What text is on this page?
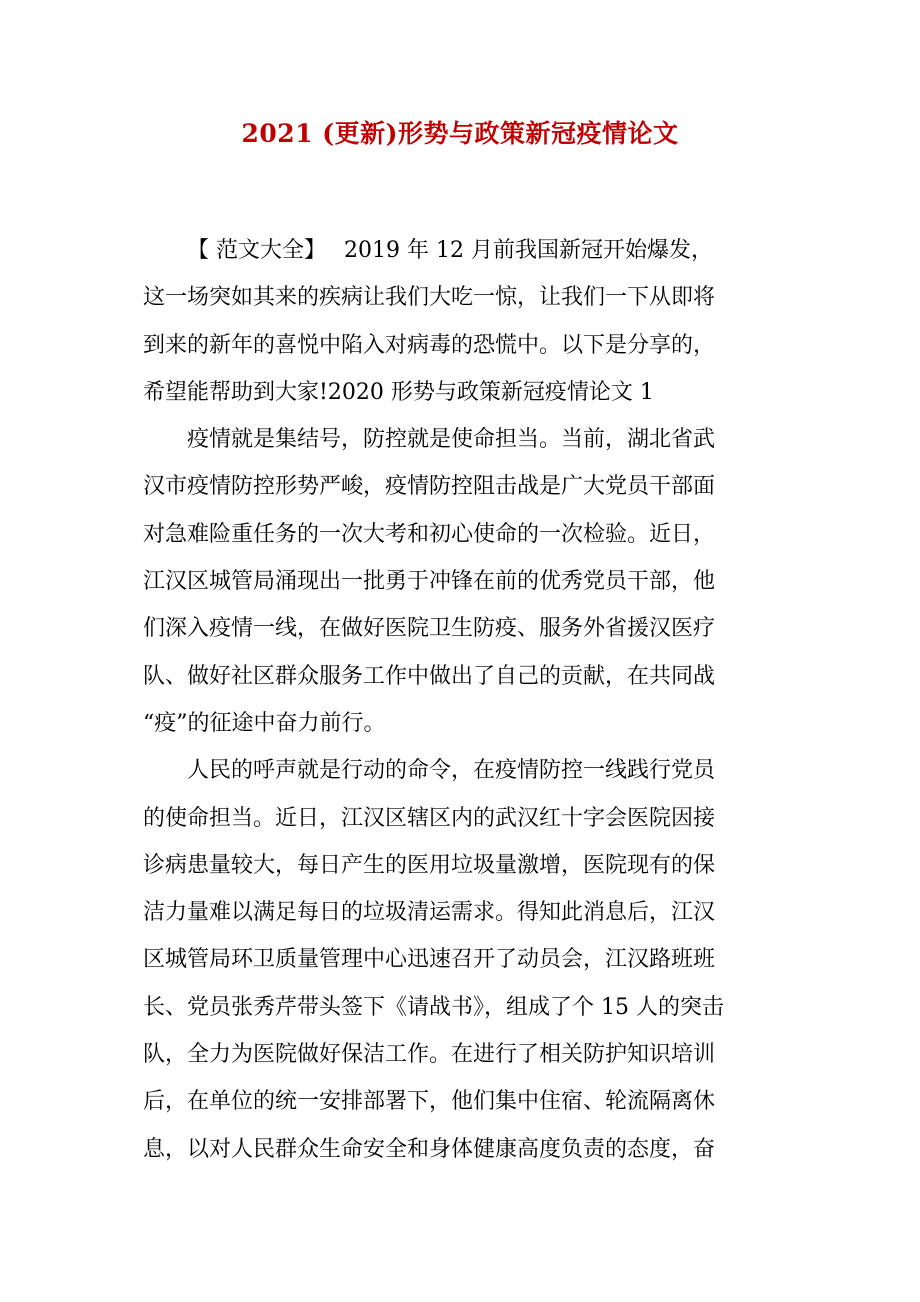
2021 (更新)形势与政策新冠疫情论文
【 范文大全】　 2019 年 12 月前我国新冠开始爆发，
这一场突如其来的疾病让我们大吃一惊，让我们一下从即将
到来的新年的喜悦中陷入对病毒的恐慌中。以下是分享的，
希望能帮助到大家!2020 形势与政策新冠疫情论文 1
疫情就是集结号，防控就是使命担当。当前，湖北省武
汉市疫情防控形势严峻，疫情防控阻击战是广大党员干部面
对急难险重任务的一次大考和初心使命的一次检验。近日，
江汉区城管局涌现出一批勇于冲锋在前的优秀党员干部，他
们深入疫情一线，在做好医院卫生防疫、服务外省援汉医疗
队、做好社区群众服务工作中做出了自己的贡献，在共同战
“疫”的征途中奋力前行。
人民的呼声就是行动的命令，在疫情防控一线践行党员
的使命担当。近日，江汉区辖区内的武汉红十字会医院因接
诊病患量较大，每日产生的医用垃圾量激增，医院现有的保
洁力量难以满足每日的垃圾清运需求。得知此消息后，江汉
区城管局环卫质量管理中心迅速召开了动员会，江汉路班班
长、党员张秀芹带头签下《请战书》，组成了个 15 人的突击
队，全力为医院做好保洁工作。在进行了相关防护知识培训
后，在单位的统一安排部署下，他们集中住宿、轮流隔离休
息，以对人民群众生命安全和身体健康高度负责的态度，奋
